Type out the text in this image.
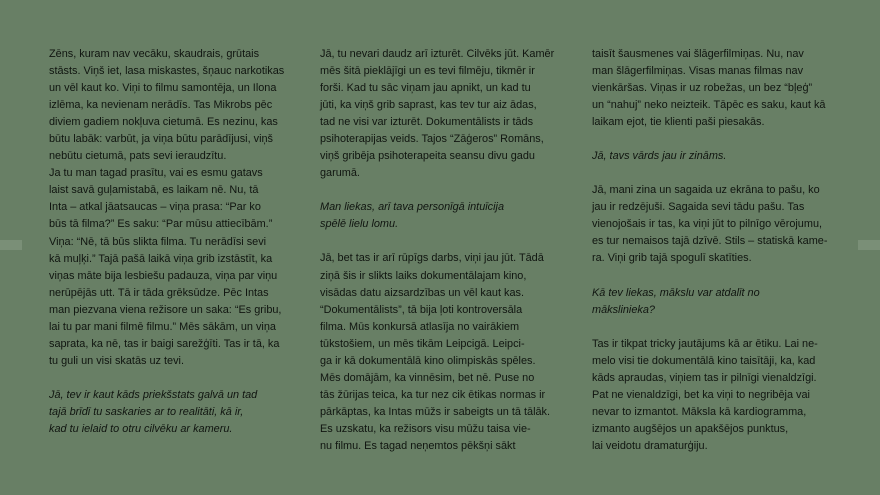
Zēns, kuram nav vecāku, skaudrais, grūtais
stāsts. Viņš iet, lasa miskastes, šņauc narkotikas
un vēl kaut ko. Viņi to filmu samontēja, un Ilona
izlēma, ka nevienam nerādīs. Tas Mikrobs pēc
diviem gadiem nokļuva cietumā. Es nezinu, kas
būtu labāk: varbūt, ja viņa būtu parādījusi, viņš
nebūtu cietumā, pats sevi ieraudzītu.
Ja tu man tagad prasītu, vai es esmu gatavs
laist savā guļamistabā, es laikam nē. Nu, tā
Inta – atkal jāatsaucas – viņa prasa: “Par ko
būs tā filma?” Es saku: “Par mūsu attiecībām.”
Viņa: “Nē, tā būs slikta filma. Tu nerādīsi sevi
kā muļķi.” Tajā pašā laikā viņa grib izstāstīt, ka
viņas māte bija lesbiešu padauza, viņa par viņu
nerūpējās utt. Tā ir tāda grēksūdze. Pēc Intas
man piezvana viena režisore un saka: “Es gribu,
lai tu par mani filmē filmu.” Mēs sākām, un viņa
saprata, ka nē, tas ir baigi sarežģīti. Tas ir tā, ka
tu guli un visi skatās uz tevi.

Jā, tev ir kaut kāds priekšstats galvā un tad
tajā brīdī tu saskaries ar to realitāti, kā ir,
kad tu ielaid to otru cilvēku ar kameru.

Jā, tu nevari daudz arī izturēt. Cilvēks jūt. Kamēr
mēs šitā pieklājīgi un es tevi filmēju, tikmēr ir
forši. Kad tu sāc viņam jau apnikt, un kad tu
jūti, ka viņš grib saprast, kas tev tur aiz ādas,
tad ne visi var izturēt. Dokumentālists ir tāds
psihoterapijas veids. Tajos “Zāģeros” Romāns,
viņš gribēja psihoterapeita seansu divu gadu
garumā.

Man liekas, arī tava personīgā intuīcija
spēlē lielu lomu.

Jā, bet tas ir arī rūpīgs darbs, viņi jau jūt. Tādā
ziņā šis ir slikts laiks dokumentālajam kino,
visādas datu aizsardzības un vēl kaut kas.
“Dokumentālists”, tā bija ļoti kontroversāla
filma. Mūs konkursā atlasīja no vairākiem
tūkstošiem, un mēs tikām Leipcigā. Leipci-
ga ir kā dokumentālā kino olimpiskās spēles.
Mēs domājām, ka vinnēsim, bet nē. Puse no
tās žūrijas teica, ka tur nez cik ētikas normas ir
pārkāptas, ka Intas mūžs ir sabeigts un tā tālāk.
Es uzskatu, ka režisors visu mūžu taisa vie-
nu filmu. Es tagad neņemtos pēkšņi sākt

taisīt šausmenes vai šlāgerfilmiņas. Nu, nav
man šlāgerfilmiņas. Visas manas filmas nav
vienkāršas. Viņas ir uz robežas, un bez “bļeģ”
un “nahuj” neko neizteik. Tāpēc es saku, kaut kā
laikam ejot, tie klienti paši piesakās.

Jā, tavs vārds jau ir zināms.

Jā, mani zina un sagaida uz ekrāna to pašu, ko
jau ir redzējuši. Sagaida sevi tādu pašu. Tas
vienojošais ir tas, ka viņi jūt to pilnīgo vērojumu,
es tur nemaisos tajā dzīvē. Stils – statiskā kame-
ra. Viņi grib tajā spogulī skatīties.

Kā tev liekas, mākslu var atdalīt no
mākslinieka?

Tas ir tikpat tricky jautājums kā ar ētiku. Lai ne-
melo visi tie dokumentālā kino taisītāji, ka, kad
kāds apraudas, viņiem tas ir pilnīgi vienaldzīgi.
Pat ne vienaldzīgi, bet ka viņi to negribēja vai
nevar to izmantot. Māksla kā kardiogramma,
izmanto augšējos un apakšējos punktus,
lai veidotu dramaturģiju.
